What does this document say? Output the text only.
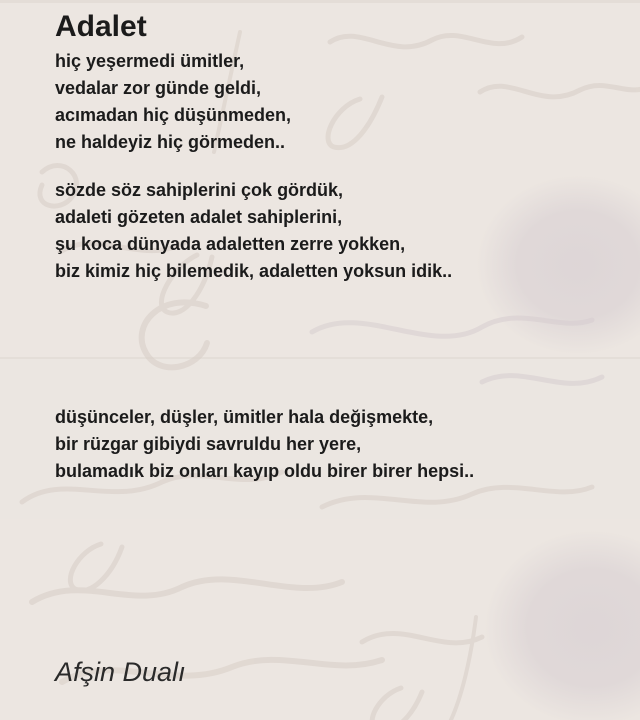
Adalet
hiç yeşermedi ümitler,
vedalar zor günde geldi,
acımadan hiç düşünmeden,
ne haldeyiz hiç görmeden..
sözde söz sahiplerini çok gördük,
adaleti gözeten adalet sahiplerini,
şu koca dünyada adaletten zerre yokken,
biz kimiz hiç bilemedik, adaletten yoksun idik..
düşünceler, düşler, ümitler hala değişmekte,
bir rüzgar gibiydi savruldu her yere,
bulamadık biz onları kayıp oldu birer birer hepsi..
Afşin Dualı
